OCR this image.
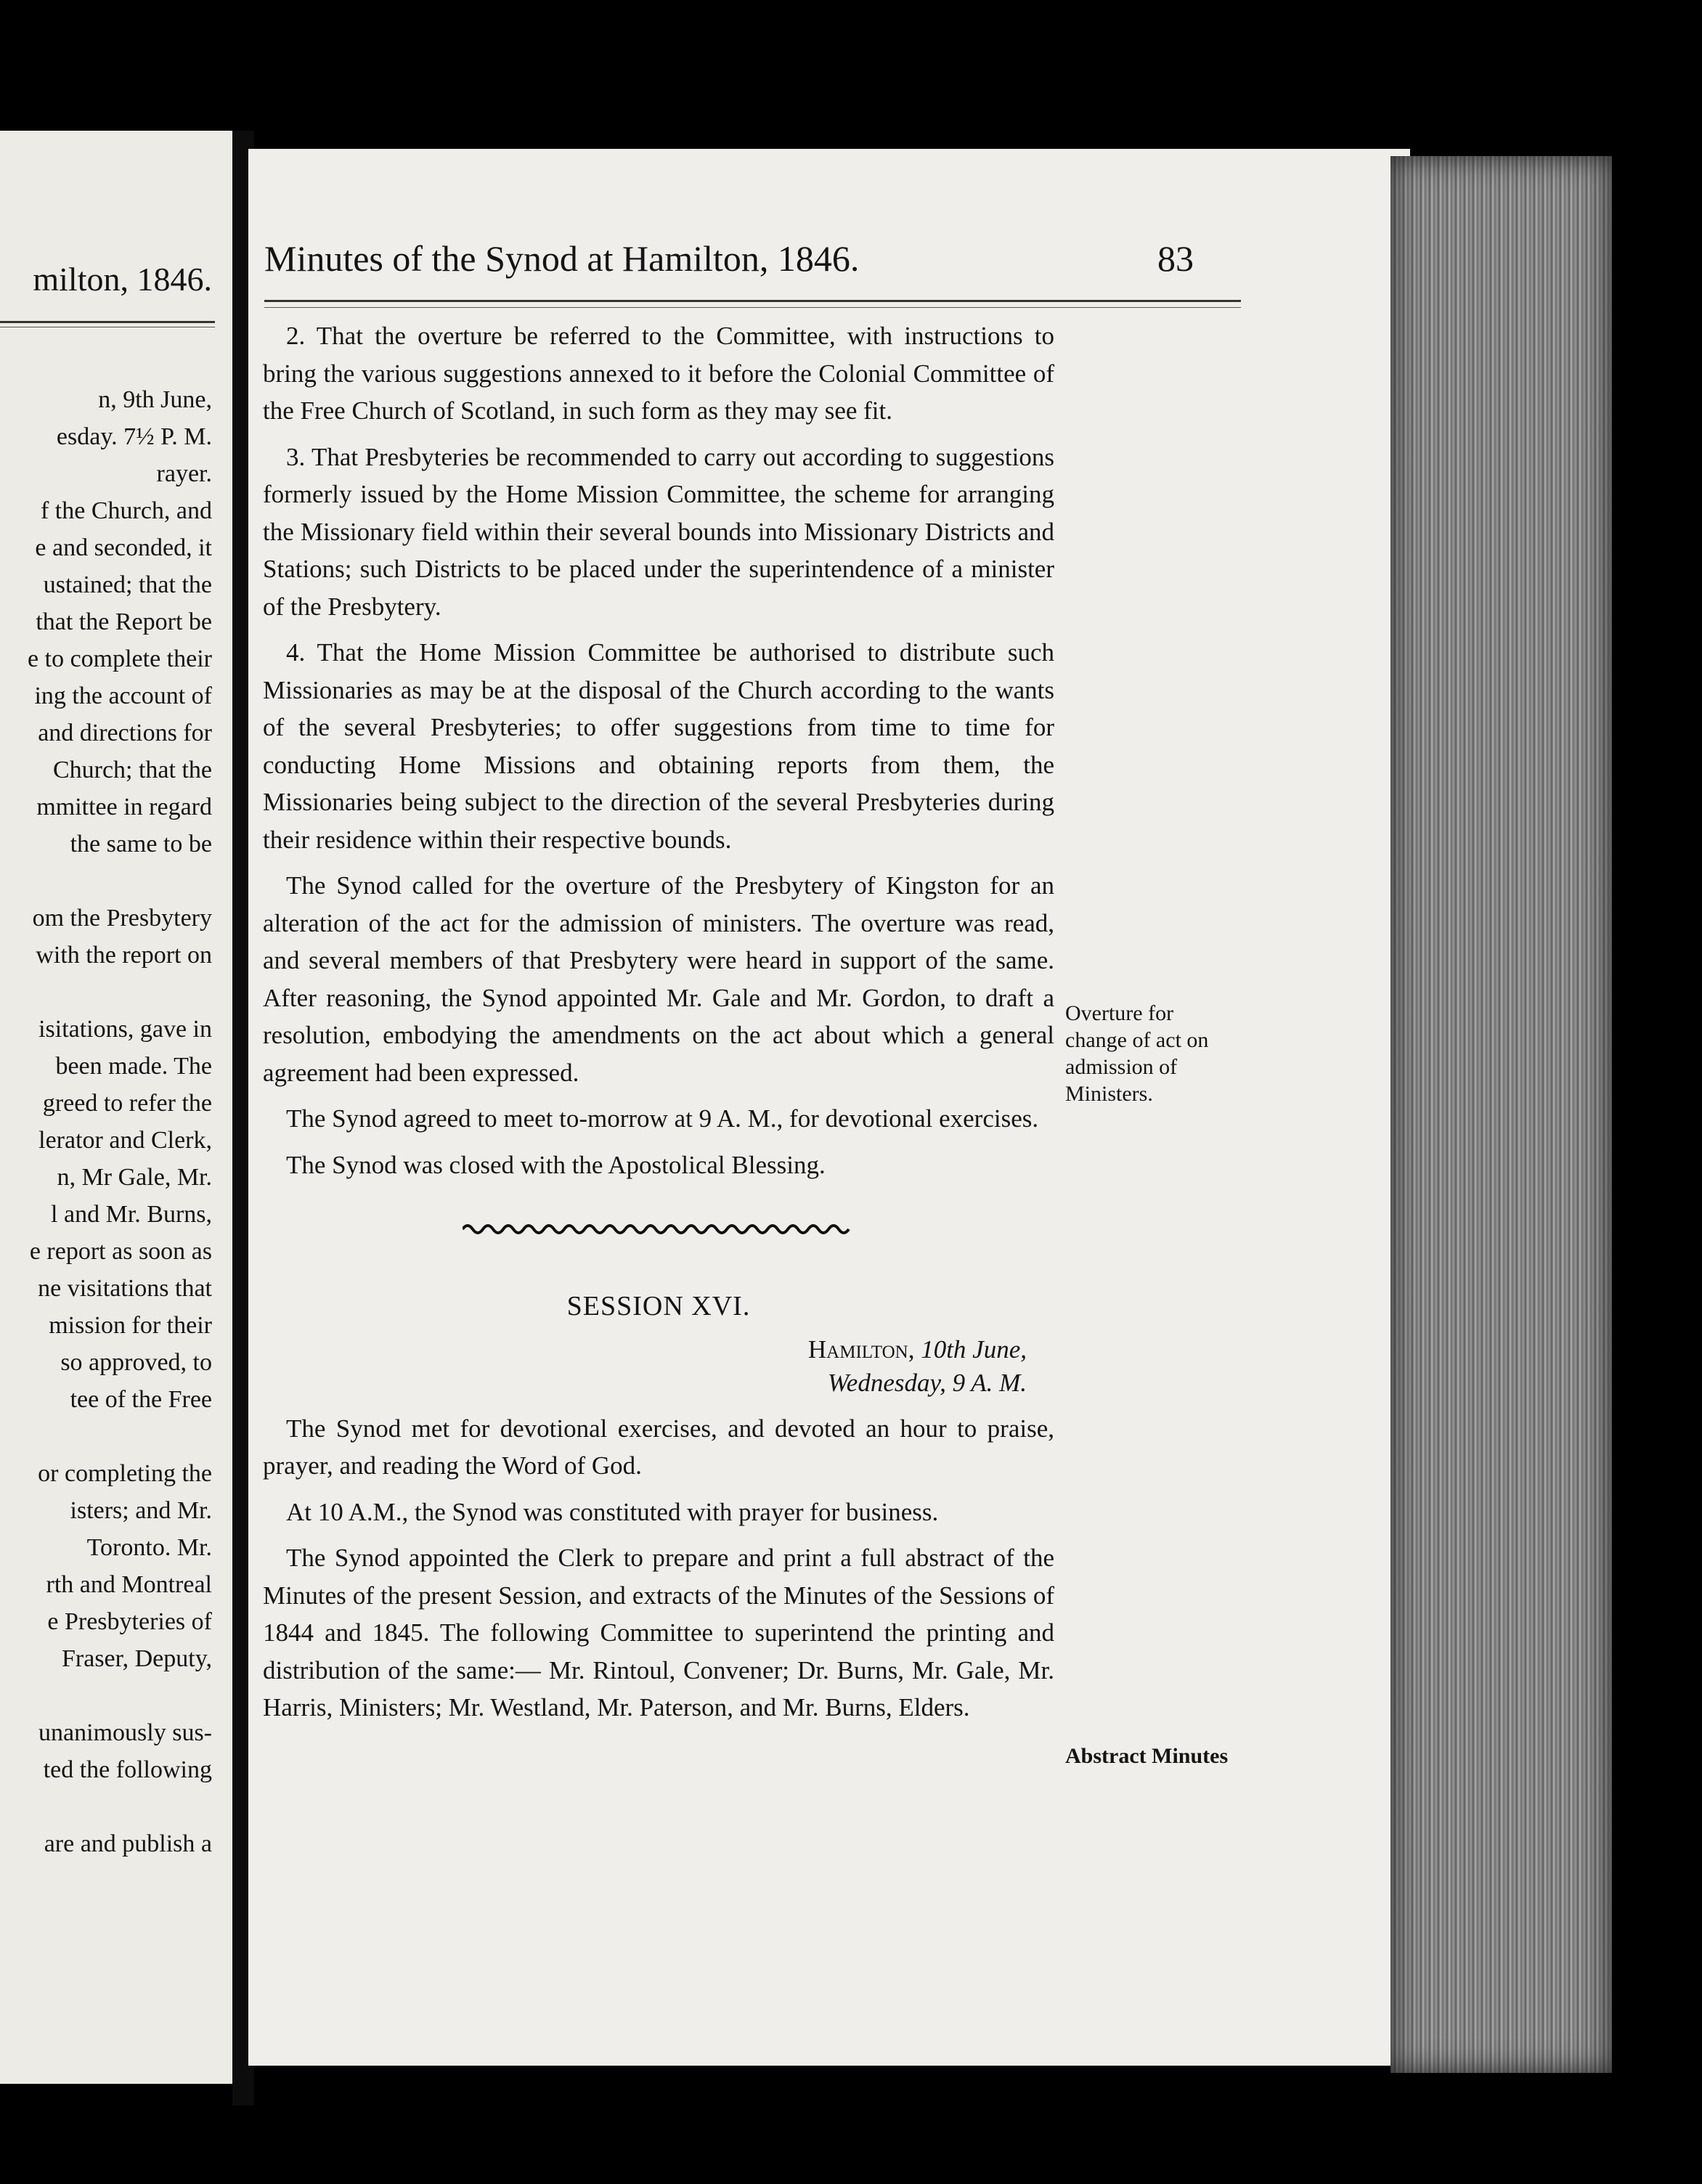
milton, 1846.
n, 9th June,
esday. 7½ P. M.
rayer.
f the Church, and
e and seconded, it
ustained; that the
that the Report be
e to complete their
ing the account of
and directions for
Church; that the
mmittee in regard
the same to be
om the Presbytery
with the report on
isitations, gave in
been made. The
greed to refer the
lerator and Clerk,
n, Mr Gale, Mr.
l and Mr. Burns,
e report as soon as
ne visitations that
mission for their
so approved, to
tee of the Free
or completing the
isters; and Mr.
Toronto. Mr.
rth and Montreal
e Presbyteries of
Fraser, Deputy,
unanimously sus-
ted the following
are and publish a
Minutes of the Synod at Hamilton, 1846.	83

2. That the overture be referred to the Committee, with instructions to bring the various suggestions annexed to it before the Colonial Committee of the Free Church of Scotland, in such form as they may see fit.

3. That Presbyteries be recommended to carry out according to suggestions formerly issued by the Home Mission Committee, the scheme for arranging the Missionary field within their several bounds into Missionary Districts and Stations; such Districts to be placed under the superintendence of a minister of the Presbytery.

4. That the Home Mission Committee be authorised to distribute such Missionaries as may be at the disposal of the Church according to the wants of the several Presbyteries; to offer suggestions from time to time for conducting Home Missions and obtaining reports from them, the Missionaries being subject to the direction of the several Presbyteries during their residence within their respective bounds.

The Synod called for the overture of the Presbytery of Kingston for an alteration of the act for the admission of ministers. The overture was read, and several members of that Presbytery were heard in support of the same. After reasoning, the Synod appointed Mr. Gale and Mr. Gordon, to draft a resolution, embodying the amendments on the act about which a general agreement had been expressed.

The Synod agreed to meet to-morrow at 9 A. M., for devotional exercises.

The Synod was closed with the Apostolical Blessing.

SESSION XVI.
Hamilton, 10th June,
Wednesday, 9 A. M.

The Synod met for devotional exercises, and devoted an hour to praise, prayer, and reading the Word of God.

At 10 A.M., the Synod was constituted with prayer for business.

The Synod appointed the Clerk to prepare and print a full abstract of the Minutes of the present Session, and extracts of the Minutes of the Sessions of 1844 and 1845. The following Committee to superintend the printing and distribution of the same:— Mr. Rintoul, Convener; Dr. Burns, Mr. Gale, Mr. Harris, Ministers; Mr. Westland, Mr. Paterson, and Mr. Burns, Elders.

Overture for change of act on admission of Ministers.
Abstract Minutes
